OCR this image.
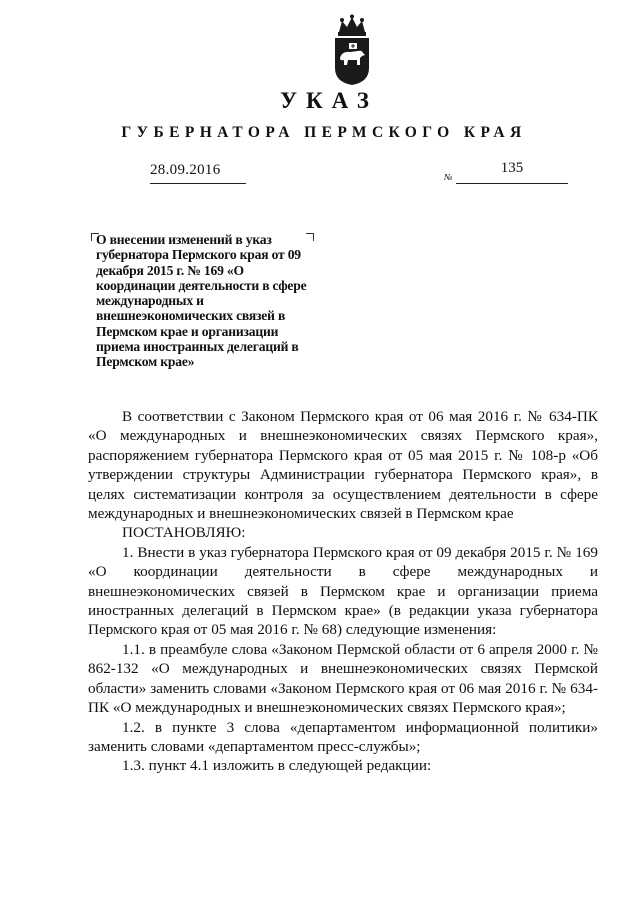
УКАЗ
ГУБЕРНАТОРА ПЕРМСКОГО КРАЯ
28.09.2016	№
135
О внесении изменений в указ губернатора Пермского края от 09 декабря 2015 г. № 169 «О координации деятельности в сфере международных и внешнеэкономических связей в Пермском крае и организации приема иностранных делегаций в Пермском крае»

В соответствии с Законом Пермского края от 06 мая 2016 г. № 634-ПК «О международных и внешнеэкономических связях Пермского края», распоряжением губернатора Пермского края от 05 мая 2015 г. № 108-р «Об утверждении структуры Администрации губернатора Пермского края», в целях систематизации контроля за осуществлением деятельности в сфере международных и внешнеэкономических связей в Пермском крае

ПОСТАНОВЛЯЮ:

1. Внести в указ губернатора Пермского края от 09 декабря 2015 г. № 169 «О координации деятельности в сфере международных и внешнеэкономических связей в Пермском крае и организации приема иностранных делегаций в Пермском крае» (в редакции указа губернатора Пермского края от 05 мая 2016 г. № 68) следующие изменения:

1.1. в преамбуле слова «Законом Пермской области от 6 апреля 2000 г. № 862-132 «О международных и внешнеэкономических связях Пермской области» заменить словами «Законом Пермского края от 06 мая 2016 г. № 634-ПК «О международных и внешнеэкономических связях Пермского края»;

1.2. в пункте 3 слова «департаментом информационной политики» заменить словами «департаментом пресс-службы»;

1.3. пункт 4.1 изложить в следующей редакции:
